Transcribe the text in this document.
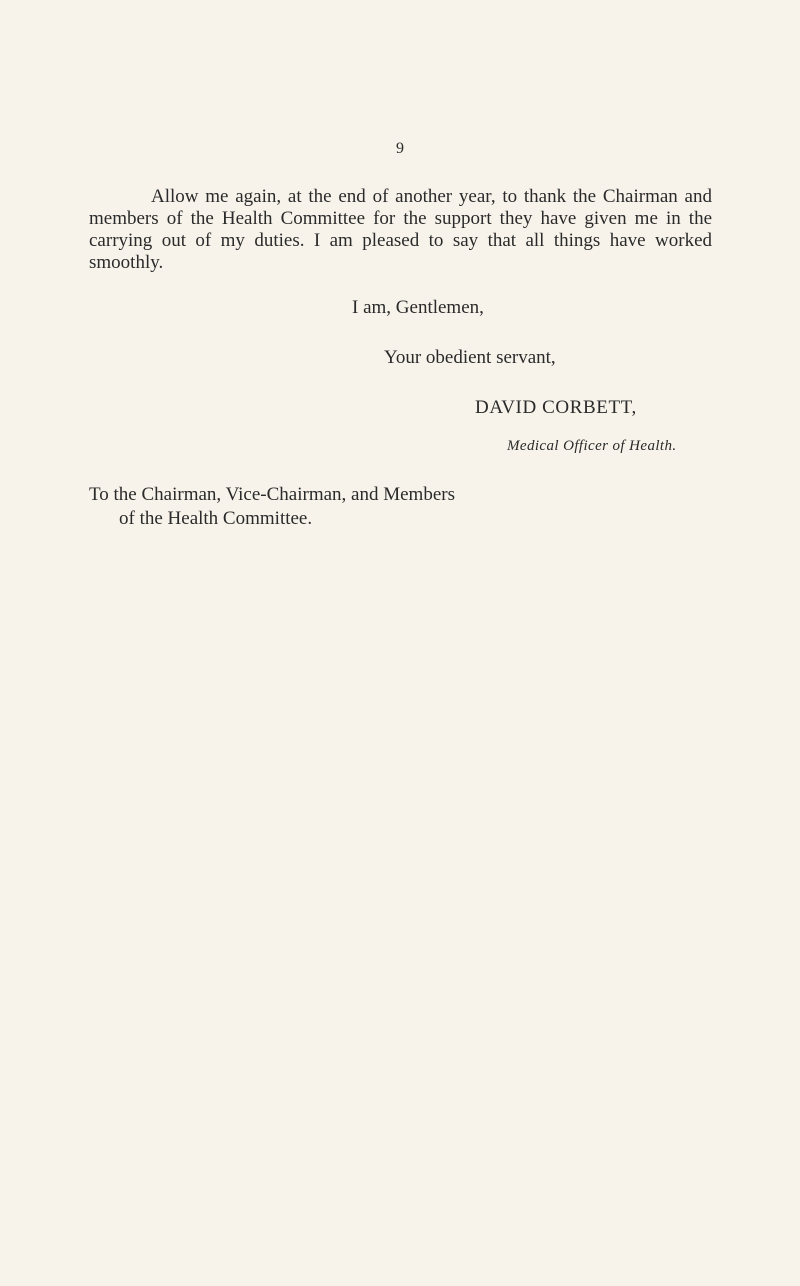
9

Allow me again, at the end of another year, to thank the Chairman and members of the Health Committee for the support they have given me in the carrying out of my duties. I am pleased to say that all things have worked smoothly.

I am, Gentlemen,

Your obedient servant,

DAVID CORBETT,

Medical Officer of Health.

To the Chairman, Vice-Chairman, and Members
of the Health Committee.
